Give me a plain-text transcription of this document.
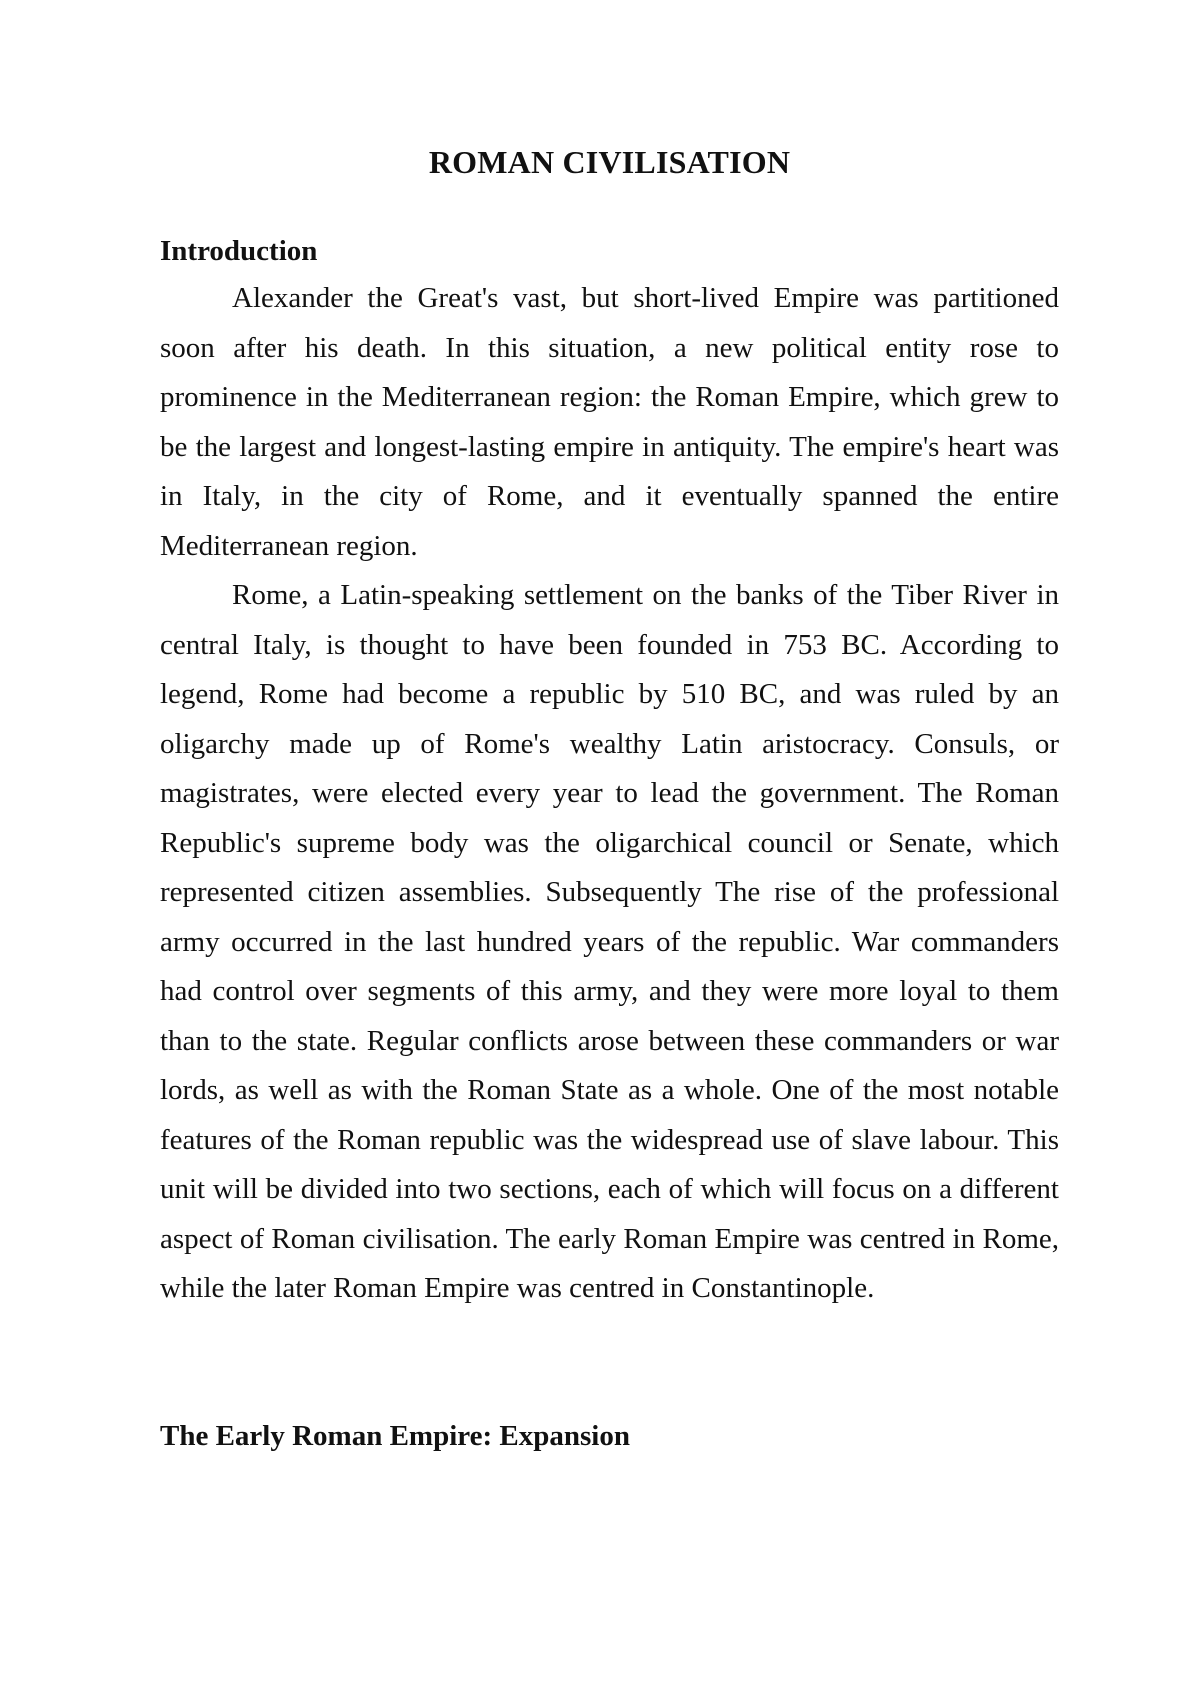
ROMAN CIVILISATION
Introduction

Alexander the Great's vast, but short-lived Empire was partitioned soon after his death. In this situation, a new political entity rose to prominence in the Mediterranean region: the Roman Empire, which grew to be the largest and longest-lasting empire in antiquity. The empire's heart was in Italy, in the city of Rome, and it eventually spanned the entire Mediterranean region.

Rome, a Latin-speaking settlement on the banks of the Tiber River in central Italy, is thought to have been founded in 753 BC. According to legend, Rome had become a republic by 510 BC, and was ruled by an oligarchy made up of Rome's wealthy Latin aristocracy. Consuls, or magistrates, were elected every year to lead the government. The Roman Republic's supreme body was the oligarchical council or Senate, which represented citizen assemblies. Subsequently The rise of the professional army occurred in the last hundred years of the republic. War commanders had control over segments of this army, and they were more loyal to them than to the state. Regular conflicts arose between these commanders or war lords, as well as with the Roman State as a whole. One of the most notable features of the Roman republic was the widespread use of slave labour. This unit will be divided into two sections, each of which will focus on a different aspect of Roman civilisation. The early Roman Empire was centred in Rome, while the later Roman Empire was centred in Constantinople.

The Early Roman Empire: Expansion
